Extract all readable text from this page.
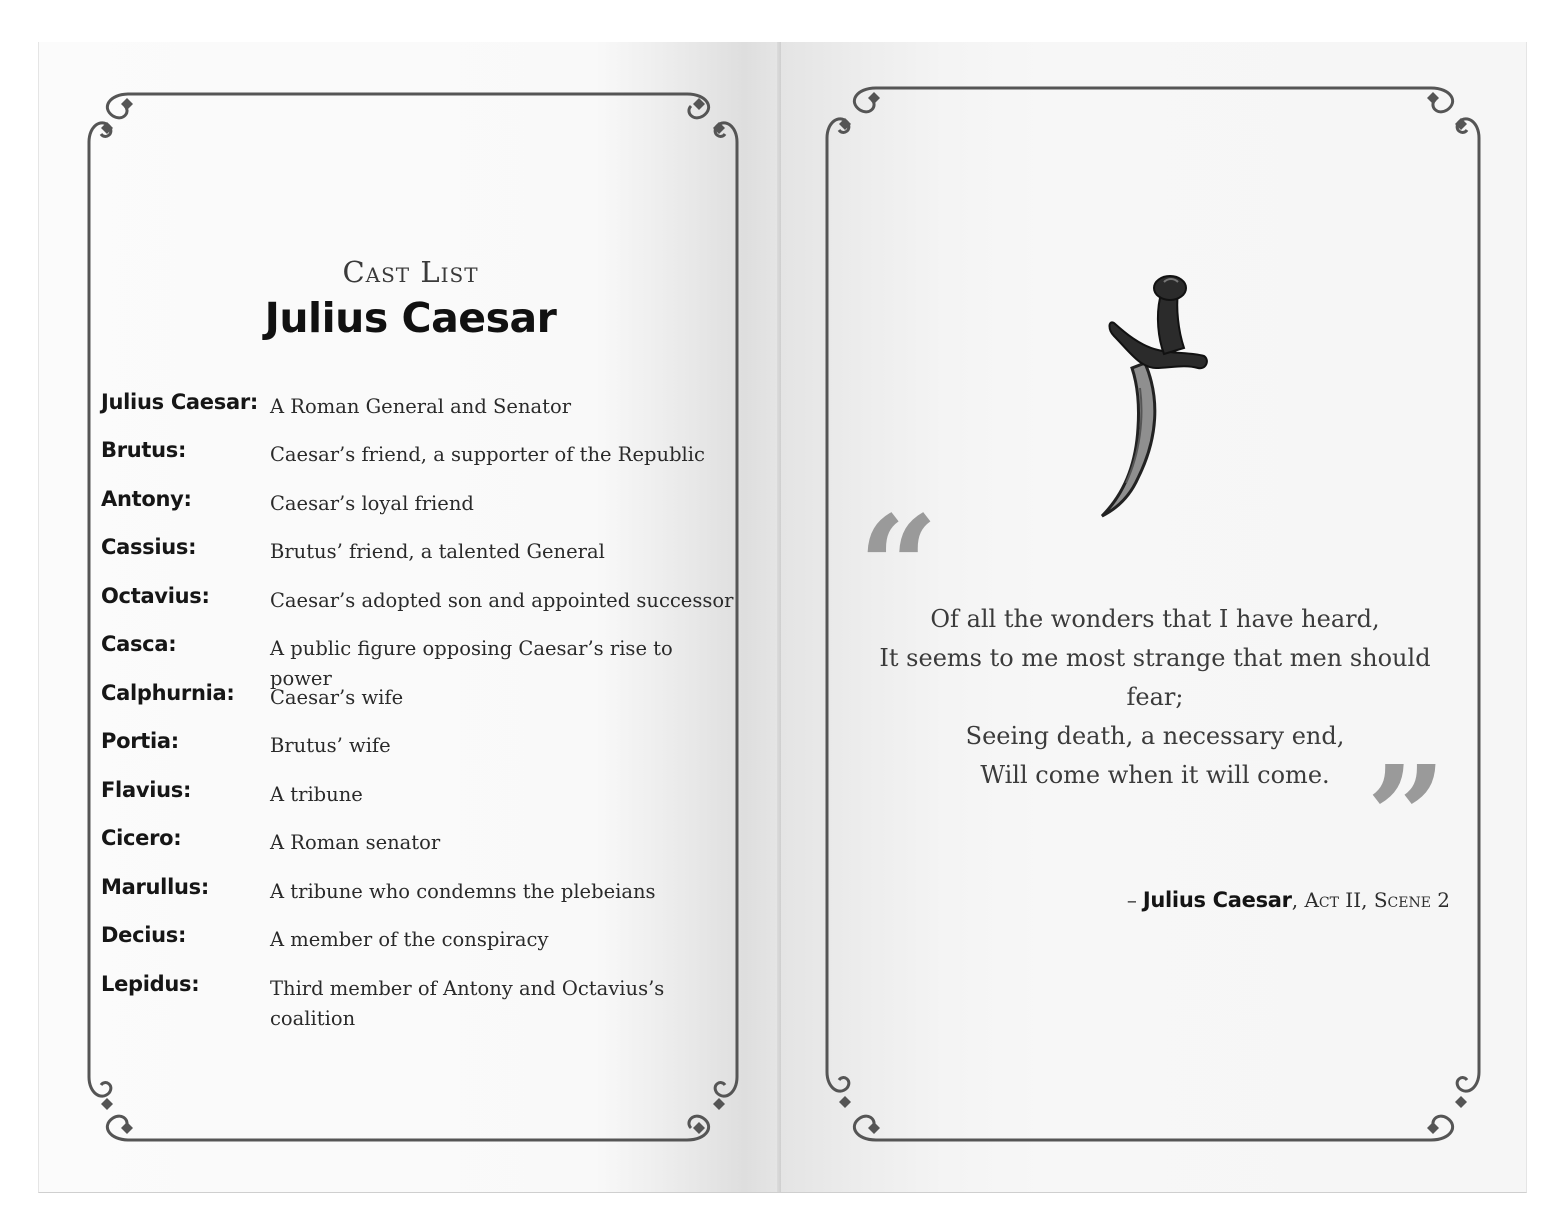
Cast List
Julius Caesar
Julius Caesar: A Roman General and Senator
Brutus:	Caesar’s friend, a supporter of the Republic
Antony:	Caesar’s loyal friend
Cassius:	Brutus’ friend, a talented General
Octavius:	Caesar’s adopted son and appointed successor
Casca:	A public figure opposing Caesar’s rise to power
Calphurnia: Caesar’s wife
Portia:	Brutus’ wife
Flavius:	A tribune
Cicero:	A Roman senator
Marullus:	A tribune who condemns the plebeians
Decius:	A member of the conspiracy
Lepidus:	Third member of Antony and Octavius’s coalition
“
Of all the wonders that I have heard,
It seems to me most strange that men should fear;
Seeing death, a necessary end,
Will come when it will come. ”
– Julius Caesar, Act II, Scene 2
